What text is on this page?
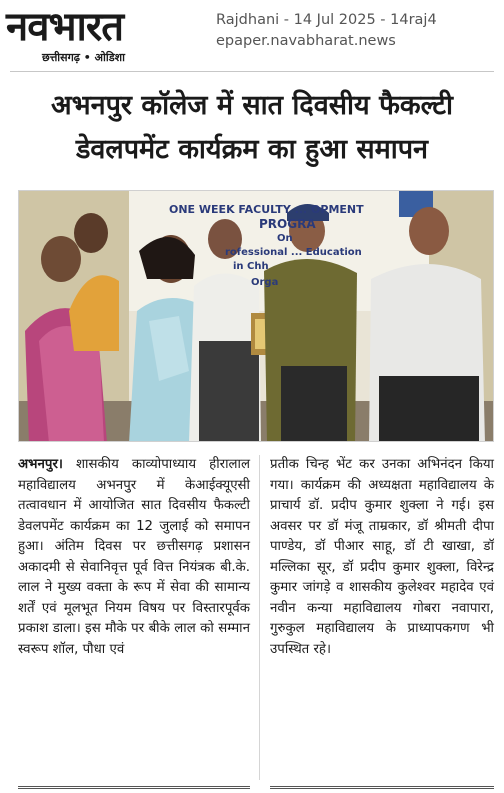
नवभारत
छत्तीसगढ़ • ओडिशा
Rajdhani - 14 Jul 2025 - 14raj4
epaper.navabharat.news
अभनपुर कॉलेज में सात दिवसीय फैकल्टी
डेवलपमेंट कार्यक्रम का हुआ समापन
ONE WEEK FACULTY ... OPMENT
PROGRA
On
rofessional ... Education
in Chh
Orga
अभनपुर। शासकीय काव्योपाध्याय हीरालाल महाविद्यालय अभनपुर में केआईक्यूएसी तत्वावधान में आयोजित सात दिवसीय फैकल्टी डेवलपमेंट कार्यक्रम का 12 जुलाई को समापन हुआ। अंतिम दिवस पर छत्तीसगढ़ प्रशासन अकादमी से सेवानिवृत्त पूर्व वित्त नियंत्रक बी.के. लाल ने मुख्य वक्ता के रूप में सेवा की सामान्य शर्तें एवं मूलभूत नियम विषय पर विस्तारपूर्वक प्रकाश डाला। इस मौके पर बीके लाल को सम्मान स्वरूप शॉल, पौधा एवं
प्रतीक चिन्ह भेंट कर उनका अभिनंदन किया गया। कार्यक्रम की अध्यक्षता महाविद्यालय के प्राचार्य डॉ. प्रदीप कुमार शुक्ला ने गई। इस अवसर पर डॉ मंजू ताम्रकार, डॉ श्रीमती दीपा पाण्डेय, डॉ पीआर साहू, डॉ टी खाखा, डॉ मल्लिका सूर, डॉ प्रदीप कुमार शुक्ला, विरेन्द्र कुमार जांगड़े व शासकीय कुलेश्वर महादेव एवं नवीन कन्या महाविद्यालय गोबरा नवापारा, गुरुकुल महाविद्यालय के प्राध्यापकगण भी उपस्थित रहे।
